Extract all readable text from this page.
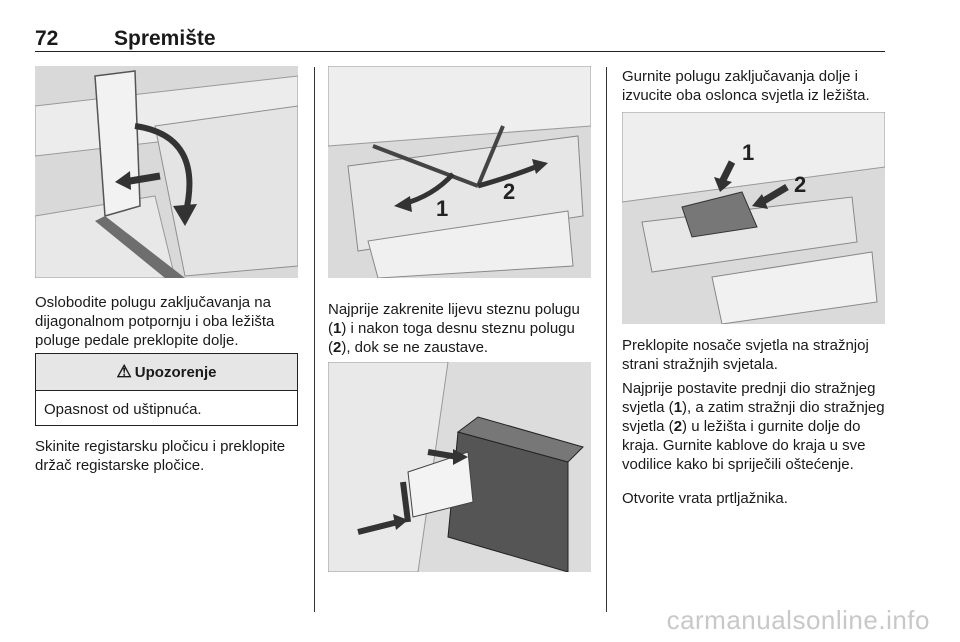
72	Spremište

Oslobodite polugu zaključavanja na dijagonalnom potpornju i oba ležišta poluge pedale preklopite dolje.

⚠ Upozorenje
Opasnost od uštipnuća.

Skinite registarsku pločicu i preklopite držač registarske pločice.

1
2

Najprije zakrenite lijevu steznu polugu (1) i nakon toga desnu steznu polugu (2), dok se ne zaustave.

Gurnite polugu zaključavanja dolje i izvucite oba oslonca svjetla iz ležišta.

1
2

Preklopite nosače svjetla na stražnjoj strani stražnjih svjetala.

Najprije postavite prednji dio stražnjeg svjetla (1), a zatim stražnji dio stražnjeg svjetla (2) u ležišta i gurnite dolje do kraja. Gurnite kablove do kraja u sve vodilice kako bi spriječili oštećenje.

Otvorite vrata prtljažnika.

carmanualsonline.info
